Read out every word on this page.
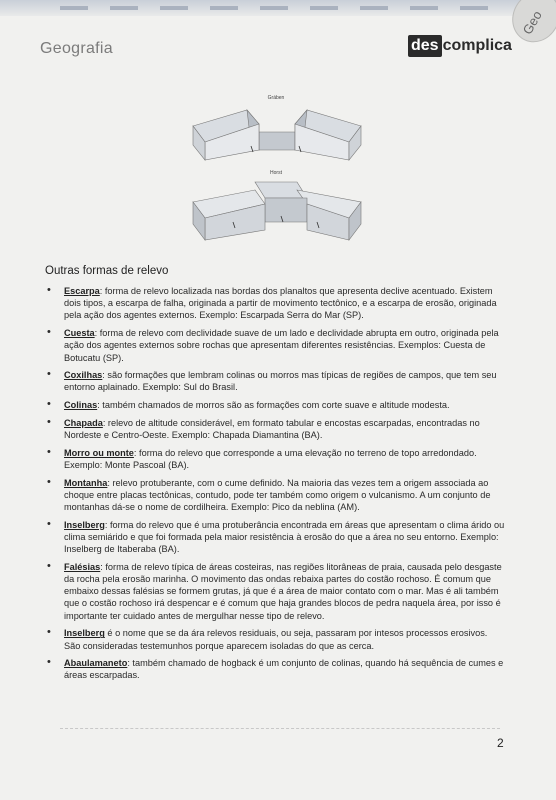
Geo
Geografia	des complica
Gráben
Horst
Outras formas de relevo
• Escarpa: forma de relevo localizada nas bordas dos planaltos que apresenta declive acentuado. Existem dois tipos, a escarpa de falha, originada a partir de movimento tectônico, e a escarpa de erosão, originada pela ação dos agentes externos. Exemplo: Escarpada Serra do Mar (SP).
• Cuesta: forma de relevo com declividade suave de um lado e declividade abrupta em outro, originada pela ação dos agentes externos sobre rochas que apresentam diferentes resistências. Exemplos: Cuesta de Botucatu (SP).
• Coxilhas: são formações que lembram colinas ou morros mas típicas de regiões de campos, que tem seu entorno aplainado. Exemplo: Sul do Brasil.
• Colinas: também chamados de morros são as formações com corte suave e altitude modesta.
• Chapada: relevo de altitude considerável, em formato tabular e encostas escarpadas, encontradas no Nordeste e Centro-Oeste. Exemplo: Chapada Diamantina (BA).
• Morro ou monte: forma do relevo que corresponde a uma elevação no terreno de topo arredondado. Exemplo: Monte Pascoal (BA).
• Montanha: relevo protuberante, com o cume definido. Na maioria das vezes tem a origem associada ao choque entre placas tectônicas, contudo, pode ter também como origem o vulcanismo. A um conjunto de montanhas dá-se o nome de cordilheira. Exemplo: Pico da neblina (AM).
• Inselberg: forma do relevo que é uma protuberância encontrada em áreas que apresentam o clima árido ou clima semiárido e que foi formada pela maior resistência à erosão do que a área no seu entorno. Exemplo: Inselberg de Itaberaba (BA).
• Falésias: forma de relevo típica de áreas costeiras, nas regiões litorâneas de praia, causada pelo desgaste da rocha pela erosão marinha. O movimento das ondas rebaixa partes do costão rochoso. É comum que embaixo dessas falésias se formem grutas, já que é a área de maior contato com o mar. Mas é ali também que o costão rochoso irá despencar e é comum que haja grandes blocos de pedra naquela área, por isso é importante ter cuidado antes de mergulhar nesse tipo de relevo.
• Inselberg é o nome que se da ára relevos residuais, ou seja, passaram por intesos processos erosivos. São consideradas testemunhos porque aparecem isoladas do que as cerca.
• Abaulamaneto: também chamado de hogback é um conjunto de colinas, quando há sequência de cumes e áreas escarpadas.
2
